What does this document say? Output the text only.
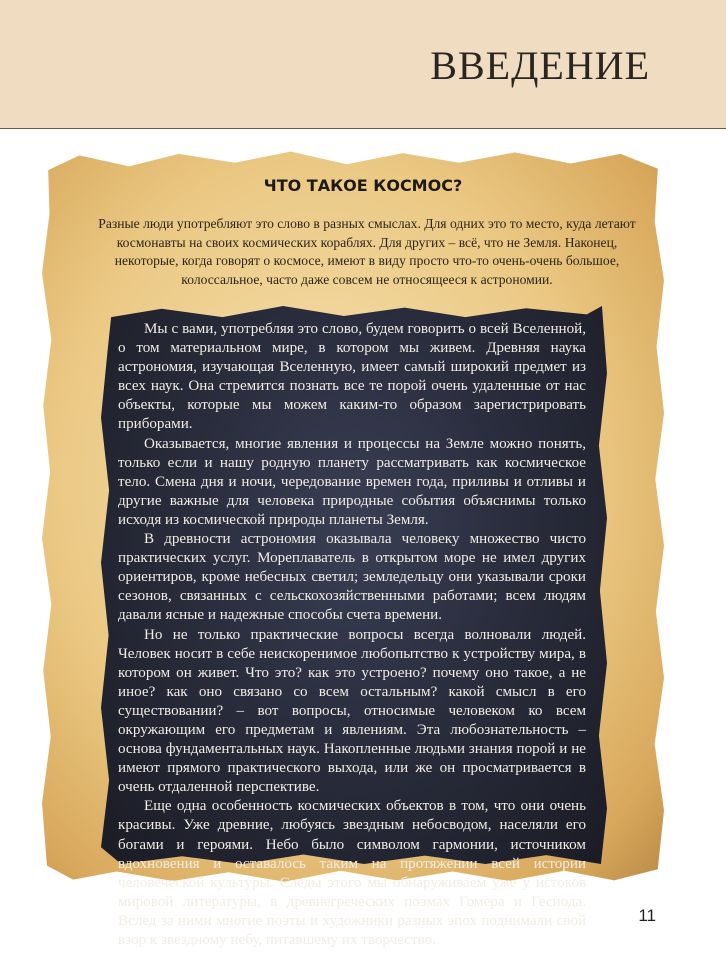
ВВЕДЕНИЕ
ЧТО ТАКОЕ КОСМОС?

Разные люди употребляют это слово в разных смыслах. Для одних это то место, куда летают космонавты на своих космических кораблях. Для других – всё, что не Земля. Наконец, некоторые, когда говорят о космосе, имеют в виду просто что-то очень-очень большое, колоссальное, часто даже совсем не относящееся к астрономии.

Мы с вами, употребляя это слово, будем говорить о всей Вселенной, о том материальном мире, в котором мы живем. Древняя наука астрономия, изучающая Вселенную, имеет самый широкий предмет из всех наук. Она стремится познать все те порой очень удаленные от нас объекты, которые мы можем каким-то образом зарегистрировать приборами.

Оказывается, многие явления и процессы на Земле можно понять, только если и нашу родную планету рассматривать как космическое тело. Смена дня и ночи, чередование времен года, приливы и отливы и другие важные для человека природные события объяснимы только исходя из космической природы планеты Земля.

В древности астрономия оказывала человеку множество чисто практических услуг. Мореплаватель в открытом море не имел других ориентиров, кроме небесных светил; земледельцу они указывали сроки сезонов, связанных с сельскохозяйственными работами; всем людям давали ясные и надежные способы счета времени.

Но не только практические вопросы всегда волновали людей. Человек носит в себе неискоренимое любопытство к устройству мира, в котором он живет. Что это? как это устроено? почему оно такое, а не иное? как оно связано со всем остальным? какой смысл в его существовании? – вот вопросы, относимые человеком ко всем окружающим его предметам и явлениям. Эта любознательность – основа фундаментальных наук. Накопленные людьми знания порой и не имеют прямого практического выхода, или же он просматривается в очень отдаленной перспективе.

Еще одна особенность космических объектов в том, что они очень красивы. Уже древние, любуясь звездным небосводом, населяли его богами и героями. Небо было символом гармонии, источником вдохновения и оставалось таким на протяжении всей истории человеческой культуры. Следы этого мы обнаруживаем уже у истоков мировой литературы, в древнегреческих поэмах Гомера и Гесиода. Вслед за ними многие поэты и художники разных эпох поднимали свой взор к звездному небу, питавшему их творчество.

11
